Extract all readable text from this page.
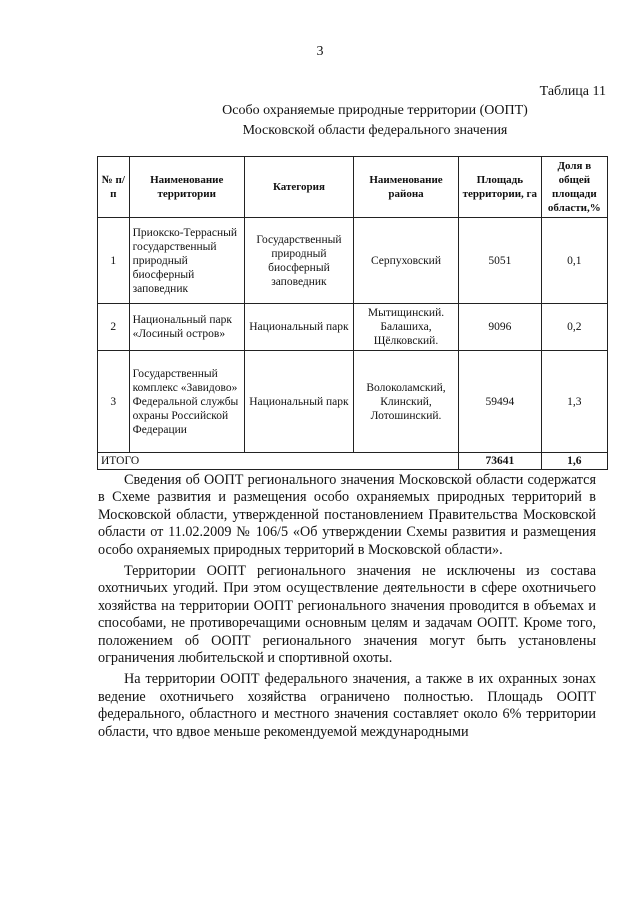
3
Таблица 11
Особо охраняемые природные территории (ООПТ)
Московской области федерального значения
№ п/п	Наименование территории	Категория	Наименование района	Площадь территории, га	Доля в общей площади области,%
1	Приокско-Террасный государственный природный биосферный заповедник	Государственный природный биосферный заповедник	Серпуховский	5051	0,1
2	Национальный парк «Лосиный остров»	Национальный парк	Мытищинский. Балашиха, Щёлковский.	9096	0,2
3	Государственный комплекс «Завидово» Федеральной службы охраны Российской Федерации	Национальный парк	Волоколамский, Клинский, Лотошинский.	59494	1,3
ИТОГО				73641	1,6

Сведения об ООПТ регионального значения Московской области содержатся в Схеме развития и размещения особо охраняемых природных территорий в Московской области, утвержденной постановлением Правительства Московской области от 11.02.2009 № 106/5 «Об утверждении Схемы развития и размещения особо охраняемых природных территорий в Московской области».

Территории ООПТ регионального значения не исключены из состава охотничьих угодий. При этом осуществление деятельности в сфере охотничьего хозяйства на территории ООПТ регионального значения проводится в объемах и способами, не противоречащими основным целям и задачам ООПТ. Кроме того, положением об ООПТ регионального значения могут быть установлены ограничения любительской и спортивной охоты.

На территории ООПТ федерального значения, а также в их охранных зонах ведение охотничьего хозяйства ограничено полностью. Площадь ООПТ федерального, областного и местного значения составляет около 6% территории области, что вдвое меньше рекомендуемой международными
